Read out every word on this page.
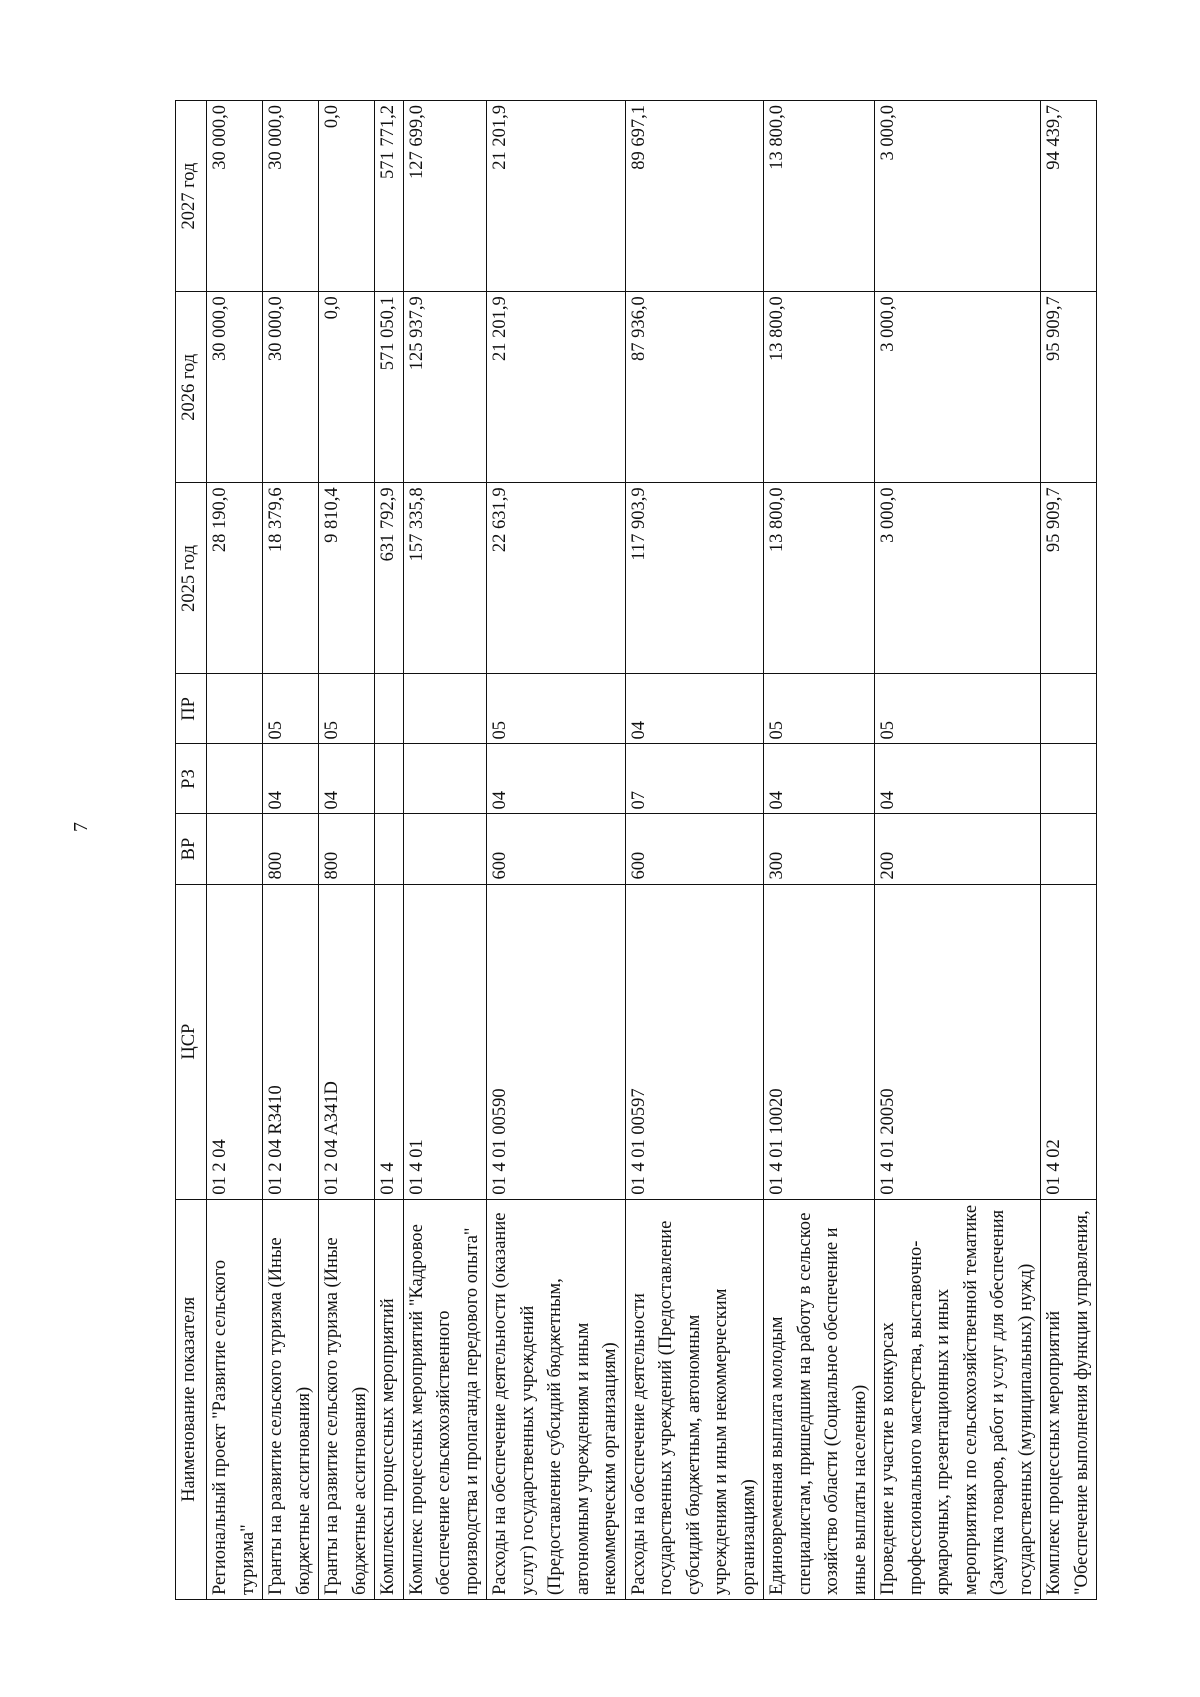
7
Наименование показателя	ЦСР	ВР	РЗ	ПР	2025 год	2026 год	2027 год
Региональный проект "Развитие сельского туризма"	01 2 04				28 190,0	30 000,0	30 000,0
Гранты на развитие сельского туризма (Иные бюджетные ассигнования)	01 2 04 R3410	800	04	05	18 379,6	30 000,0	30 000,0
Гранты на развитие сельского туризма (Иные бюджетные ассигнования)	01 2 04 A341D	800	04	05	9 810,4	0,0	0,0
Комплексы процессных мероприятий	01 4				631 792,9	571 050,1	571 771,2
Комплекс процессных мероприятий "Кадровое обеспечение сельскохозяйственного производства и пропаганда передового опыта"	01 4 01				157 335,8	125 937,9	127 699,0
Расходы на обеспечение деятельности (оказание услуг) государственных учреждений (Предоставление субсидий бюджетным, автономным учреждениям и иным некоммерческим организациям)	01 4 01 00590	600	04	05	22 631,9	21 201,9	21 201,9
Расходы на обеспечение деятельности государственных учреждений (Предоставление субсидий бюджетным, автономным учреждениям и иным некоммерческим организациям)	01 4 01 00597	600	07	04	117 903,9	87 936,0	89 697,1
Единовременная выплата молодым специалистам, пришедшим на работу в сельское хозяйство области (Социальное обеспечение и иные выплаты населению)	01 4 01 10020	300	04	05	13 800,0	13 800,0	13 800,0
Проведение и участие в конкурсах профессионального мастерства, выставочно-ярмарочных, презентационных и иных мероприятиях по сельскохозяйственной тематике (Закупка товаров, работ и услуг для обеспечения государственных (муниципальных) нужд)	01 4 01 20050	200	04	05	3 000,0	3 000,0	3 000,0
Комплекс процессных мероприятий "Обеспечение выполнения функции управления,	01 4 02				95 909,7	95 909,7	94 439,7
